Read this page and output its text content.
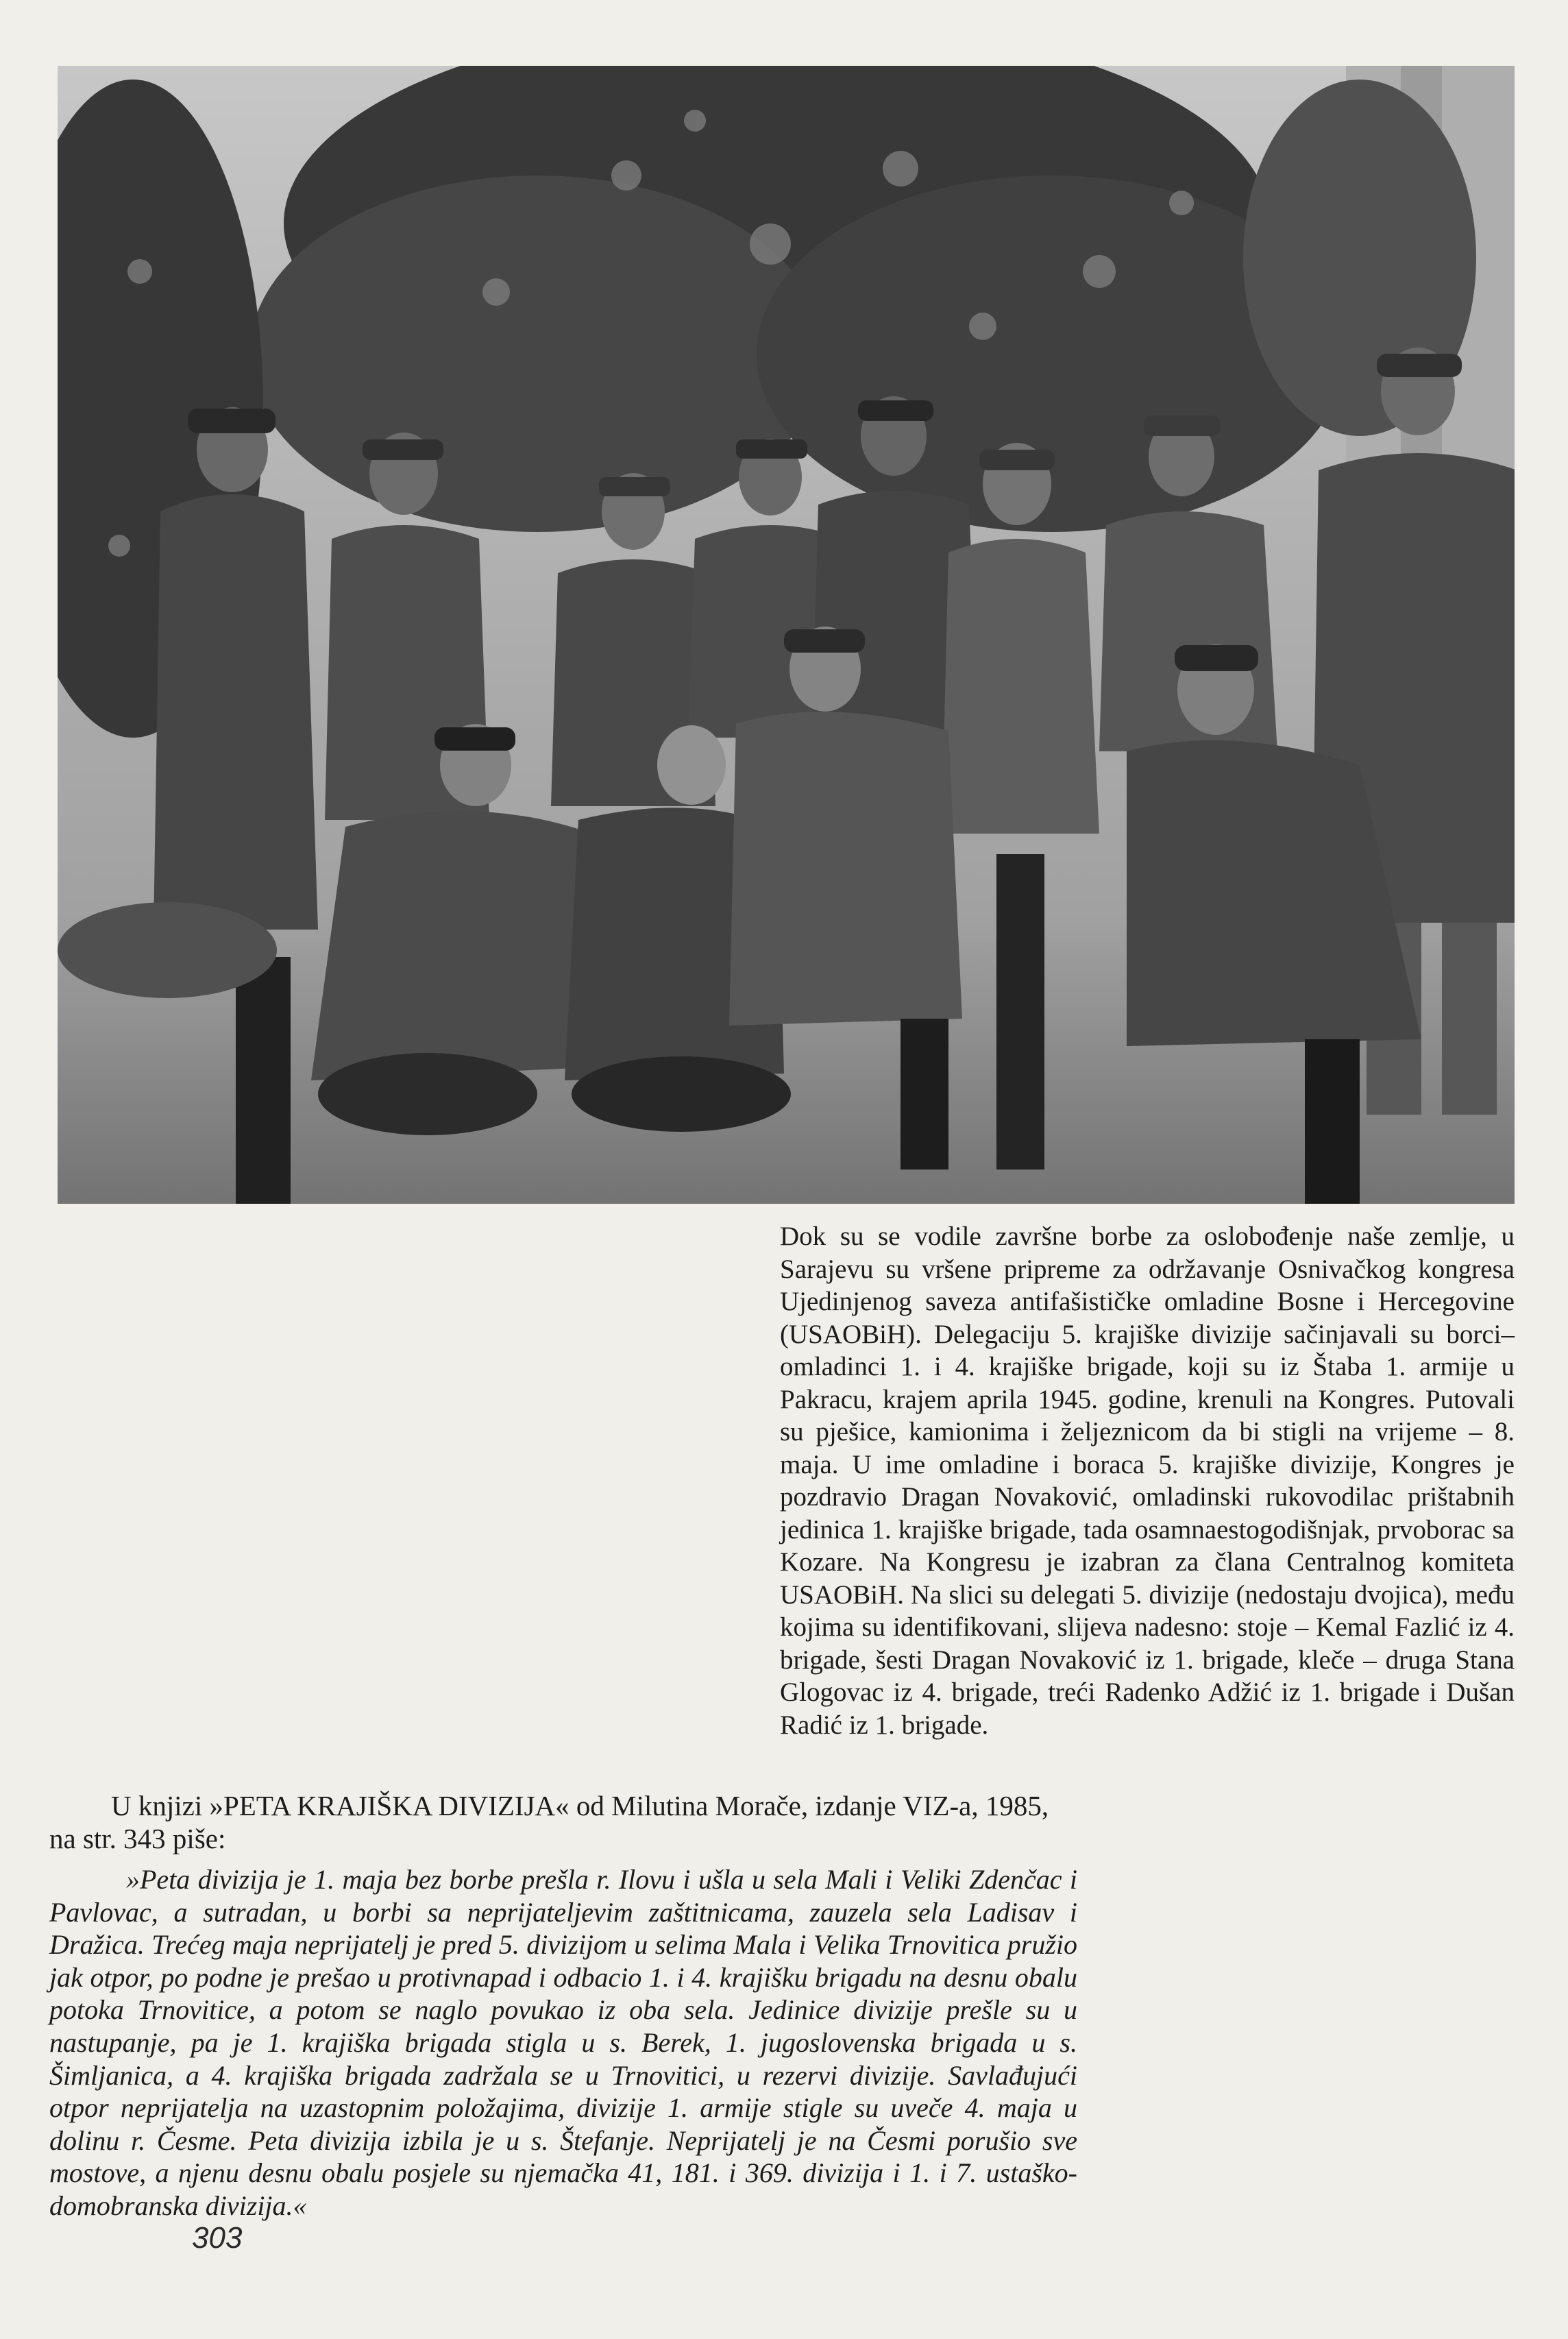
Dok su se vodile završne borbe za oslobođenje naše zemlje, u Sarajevu su vršene pripreme za održavanje Osnivačkog kongresa Ujedinjenog saveza antifašističke omladine Bosne i Hercegovine (USAOBiH). Delegaciju 5. krajiške divizije sačinjavali su borci–omladinci 1. i 4. krajiške brigade, koji su iz Štaba 1. armije u Pakracu, krajem aprila 1945. godine, krenuli na Kongres. Putovali su pješice, kamionima i željeznicom da bi stigli na vrijeme – 8. maja. U ime omladine i boraca 5. krajiške divizije, Kongres je pozdravio Dragan Novaković, omladinski rukovodilac prištabnih jedinica 1. krajiške brigade, tada osamnaestogodišnjak, prvoborac sa Kozare. Na Kongresu je izabran za člana Centralnog komiteta USAOBiH. Na slici su delegati 5. divizije (nedostaju dvojica), među kojima su identifikovani, slijeva nadesno: stoje – Kemal Fazlić iz 4. brigade, šesti Dragan Novaković iz 1. brigade, kleče – druga Stana Glogovac iz 4. brigade, treći Radenko Adžić iz 1. brigade i Dušan Radić iz 1. brigade.

U knjizi »PETA KRAJIŠKA DIVIZIJA« od Milutina Morače, izdanje VIZ-a, 1985, na str. 343 piše:

»Peta divizija je 1. maja bez borbe prešla r. Ilovu i ušla u sela Mali i Veliki Zdenčac i Pavlovac, a sutradan, u borbi sa neprijateljevim zaštitnicama, zauzela sela Ladisav i Dražica. Trećeg maja neprijatelj je pred 5. divizijom u selima Mala i Velika Trnovitica pružio jak otpor, po podne je prešao u protivnapad i odbacio 1. i 4. krajišku brigadu na desnu obalu potoka Trnovitice, a potom se naglo povukao iz oba sela. Jedinice divizije prešle su u nastupanje, pa je 1. krajiška brigada stigla u s. Berek, 1. jugoslovenska brigada u s. Šimljanica, a 4. krajiška brigada zadržala se u Trnovitici, u rezervi divizije. Savlađujući otpor neprijatelja na uzastopnim položajima, divizije 1. armije stigle su uveče 4. maja u dolinu r. Česme. Peta divizija izbila je u s. Štefanje. Neprijatelj je na Česmi porušio sve mostove, a njenu desnu obalu posjele su njemačka 41, 181. i 369. divizija i 1. i 7. ustaško-domobranska divizija.«

303
